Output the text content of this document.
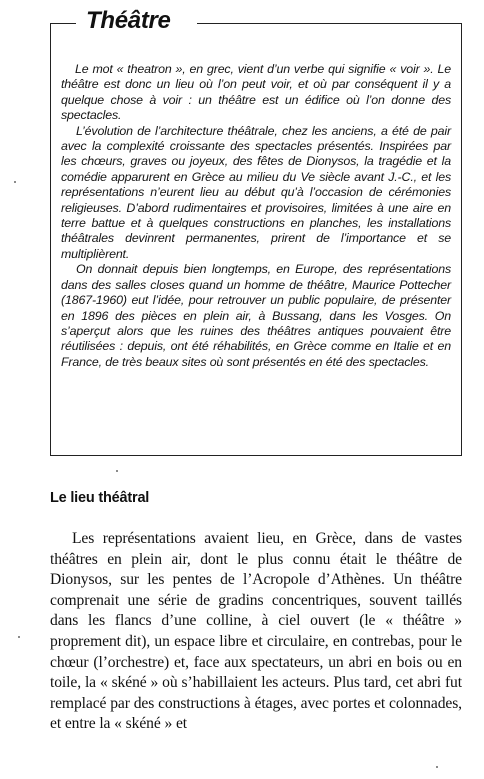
Théâtre

Le mot « theatron », en grec, vient d’un verbe qui signifie « voir ». Le théâtre est donc un lieu où l’on peut voir, et où par conséquent il y a quelque chose à voir : un théâtre est un édifice où l’on donne des spectacles.

L’évolution de l’architecture théâtrale, chez les anciens, a été de pair avec la complexité croissante des spectacles présentés. Inspirées par les chœurs, graves ou joyeux, des fêtes de Dionysos, la tragédie et la comédie apparurent en Grèce au milieu du Ve siècle avant J.-C., et les représentations n’eurent lieu au début qu’à l’occasion de cérémonies religieuses. D’abord rudimentaires et provisoires, limitées à une aire en terre battue et à quelques constructions en planches, les installations théâtrales devinrent permanentes, prirent de l’importance et se multiplièrent.

On donnait depuis bien longtemps, en Europe, des représentations dans des salles closes quand un homme de théâtre, Maurice Pottecher (1867-1960) eut l’idée, pour retrouver un public populaire, de présenter en 1896 des pièces en plein air, à Bussang, dans les Vosges. On s’aperçut alors que les ruines des théâtres antiques pouvaient être réutilisées : depuis, ont été réhabilités, en Grèce comme en Italie et en France, de très beaux sites où sont présentés en été des spectacles.

Le lieu théâtral

Les représentations avaient lieu, en Grèce, dans de vastes théâtres en plein air, dont le plus connu était le théâtre de Dionysos, sur les pentes de l’Acropole d’Athènes. Un théâtre comprenait une série de gradins concentriques, souvent taillés dans les flancs d’une colline, à ciel ouvert (le « théâtre » proprement dit), un espace libre et circulaire, en contrebas, pour le chœur (l’orchestre) et, face aux spectateurs, un abri en bois ou en toile, la « skéné » où s’habillaient les acteurs. Plus tard, cet abri fut remplacé par des constructions à étages, avec portes et colonnades, et entre la « skéné » et
